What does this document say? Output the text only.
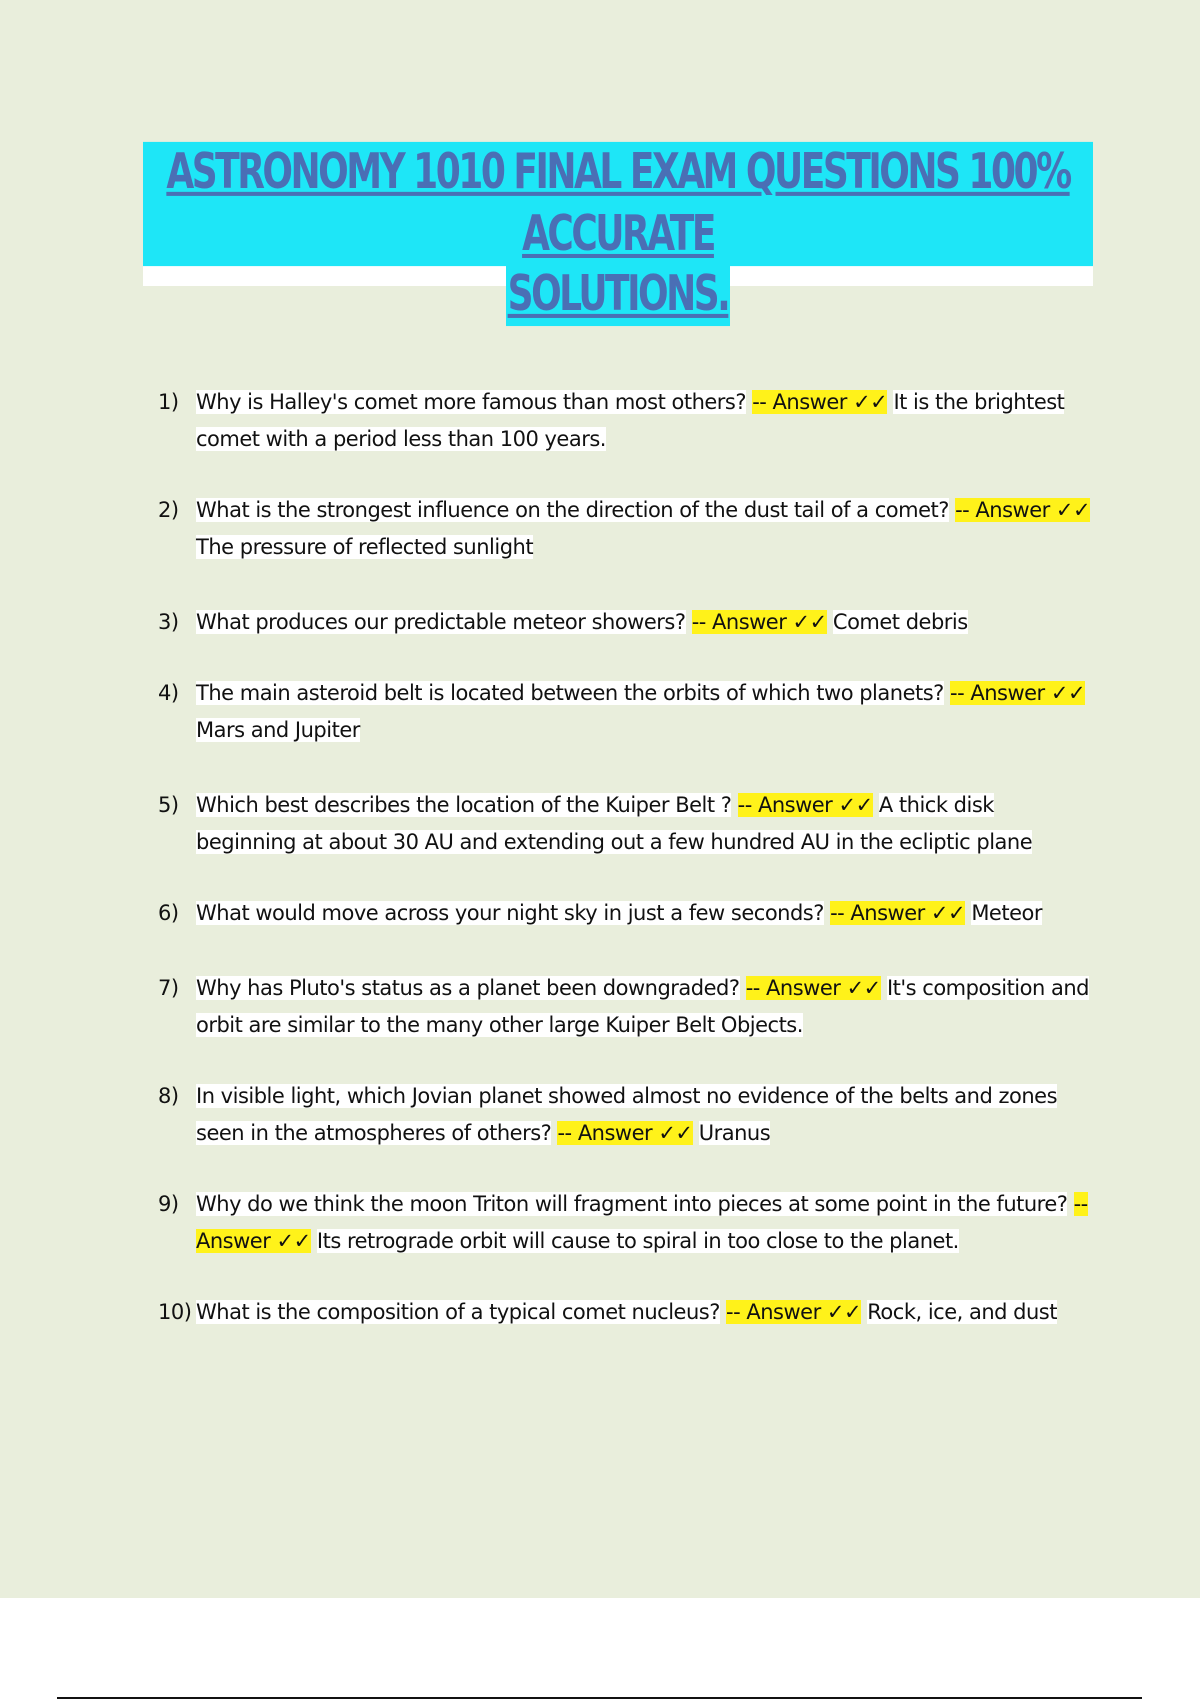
ASTRONOMY 1010 FINAL EXAM QUESTIONS 100% ACCURATE
SOLUTIONS.
1) Why is Halley's comet more famous than most others? -- Answer ✓✓ It is the brightest comet with a period less than 100 years.
2) What is the strongest influence on the direction of the dust tail of a comet? -- Answer ✓✓ The pressure of reflected sunlight
3) What produces our predictable meteor showers? -- Answer ✓✓ Comet debris
4) The main asteroid belt is located between the orbits of which two planets? -- Answer ✓✓ Mars and Jupiter
5) Which best describes the location of the Kuiper Belt ? -- Answer ✓✓ A thick disk beginning at about 30 AU and extending out a few hundred AU in the ecliptic plane
6) What would move across your night sky in just a few seconds? -- Answer ✓✓ Meteor
7) Why has Pluto's status as a planet been downgraded? -- Answer ✓✓ It's composition and orbit are similar to the many other large Kuiper Belt Objects.
8) In visible light, which Jovian planet showed almost no evidence of the belts and zones seen in the atmospheres of others? -- Answer ✓✓ Uranus
9) Why do we think the moon Triton will fragment into pieces at some point in the future? -- Answer ✓✓ Its retrograde orbit will cause to spiral in too close to the planet.
10) What is the composition of a typical comet nucleus? -- Answer ✓✓ Rock, ice, and dust
